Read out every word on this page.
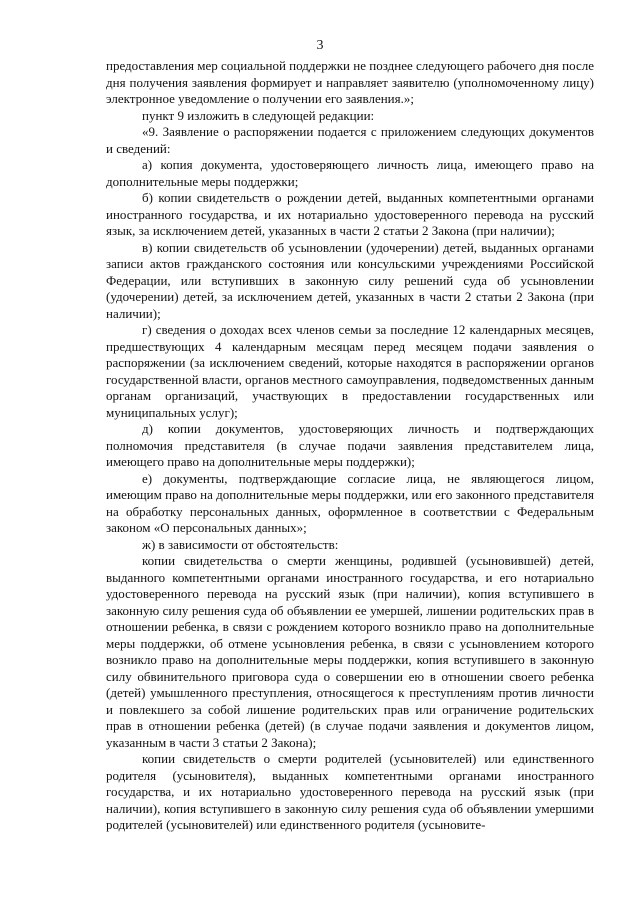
3

предоставления мер социальной поддержки не позднее следующего рабочего дня после дня получения заявления формирует и направляет заявителю (уполномоченному лицу) электронное уведомление о получении его заявления.»;

пункт 9 изложить в следующей редакции:

«9. Заявление о распоряжении подается с приложением следующих документов и сведений:

а) копия документа, удостоверяющего личность лица, имеющего право на дополнительные меры поддержки;

б) копии свидетельств о рождении детей, выданных компетентными органами иностранного государства, и их нотариально удостоверенного перевода на русский язык, за исключением детей, указанных в части 2 статьи 2 Закона (при наличии);

в) копии свидетельств об усыновлении (удочерении) детей, выданных органами записи актов гражданского состояния или консульскими учреждениями Российской Федерации, или вступивших в законную силу решений суда об усыновлении (удочерении) детей, за исключением детей, указанных в части 2 статьи 2 Закона (при наличии);

г) сведения о доходах всех членов семьи за последние 12 календарных месяцев, предшествующих 4 календарным месяцам перед месяцем подачи заявления о распоряжении (за исключением сведений, которые находятся в распоряжении органов государственной власти, органов местного самоуправления, подведомственных данным органам организаций, участвующих в предоставлении государственных или муниципальных услуг);

д) копии документов, удостоверяющих личность и подтверждающих полномочия представителя (в случае подачи заявления представителем лица, имеющего право на дополнительные меры поддержки);

е) документы, подтверждающие согласие лица, не являющегося лицом, имеющим право на дополнительные меры поддержки, или его законного представителя на обработку персональных данных, оформленное в соответствии с Федеральным законом «О персональных данных»;

ж) в зависимости от обстоятельств:

копии свидетельства о смерти женщины, родившей (усыновившей) детей, выданного компетентными органами иностранного государства, и его нотариально удостоверенного перевода на русский язык (при наличии), копия вступившего в законную силу решения суда об объявлении ее умершей, лишении родительских прав в отношении ребенка, в связи с рождением которого возникло право на дополнительные меры поддержки, об отмене усыновления ребенка, в связи с усыновлением которого возникло право на дополнительные меры поддержки, копия вступившего в законную силу обвинительного приговора суда о совершении ею в отношении своего ребенка (детей) умышленного преступления, относящегося к преступлениям против личности и повлекшего за собой лишение родительских прав или ограничение родительских прав в отношении ребенка (детей) (в случае подачи заявления и документов лицом, указанным в части 3 статьи 2 Закона);

копии свидетельств о смерти родителей (усыновителей) или единственного родителя (усыновителя), выданных компетентными органами иностранного государства, и их нотариально удостоверенного перевода на русский язык (при наличии), копия вступившего в законную силу решения суда об объявлении умершими родителей (усыновителей) или единственного родителя (усыновите-
